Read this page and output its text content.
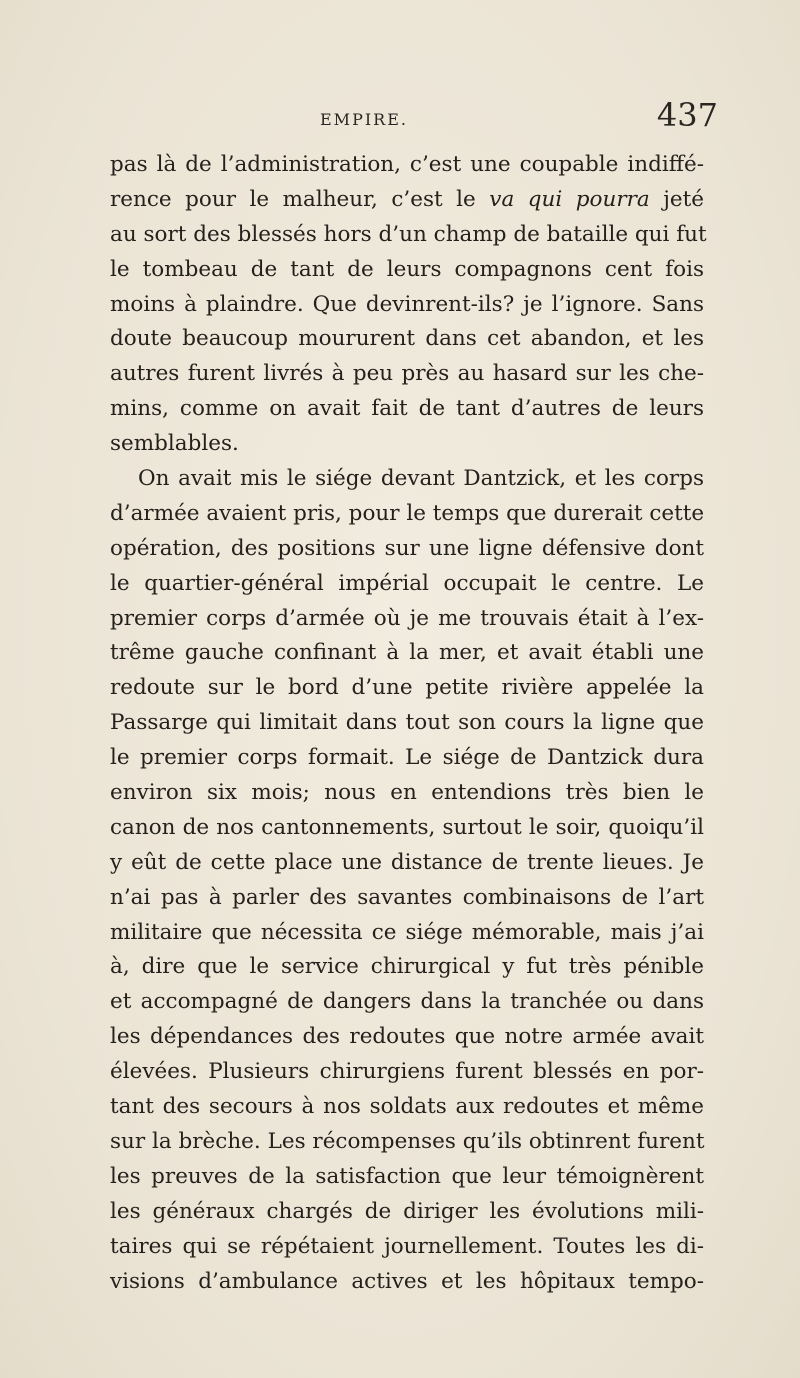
EMPIRE.	437
pas là de l’administration, c’est une coupable indiffé-
rence pour le malheur, c’est le va qui pourra jeté
au sort des blessés hors d’un champ de bataille qui fut
le tombeau de tant de leurs compagnons cent fois
moins à plaindre. Que devinrent-ils? je l’ignore. Sans
doute beaucoup moururent dans cet abandon, et les
autres furent livrés à peu près au hasard sur les che-
mins, comme on avait fait de tant d’autres de leurs
semblables.
On avait mis le siége devant Dantzick, et les corps
d’armée avaient pris, pour le temps que durerait cette
opération, des positions sur une ligne défensive dont
le quartier-général impérial occupait le centre. Le
premier corps d’armée où je me trouvais était à l’ex-
trême gauche confinant à la mer, et avait établi une
redoute sur le bord d’une petite rivière appelée la
Passarge qui limitait dans tout son cours la ligne que
le premier corps formait. Le siége de Dantzick dura
environ six mois; nous en entendions très bien le
canon de nos cantonnements, surtout le soir, quoiqu’il
y eût de cette place une distance de trente lieues. Je
n’ai pas à parler des savantes combinaisons de l’art
militaire que nécessita ce siége mémorable, mais j’ai
à, dire que le service chirurgical y fut très pénible
et accompagné de dangers dans la tranchée ou dans
les dépendances des redoutes que notre armée avait
élevées. Plusieurs chirurgiens furent blessés en por-
tant des secours à nos soldats aux redoutes et même
sur la brèche. Les récompenses qu’ils obtinrent furent
les preuves de la satisfaction que leur témoignèrent
les généraux chargés de diriger les évolutions mili-
taires qui se répétaient journellement. Toutes les di-
visions d’ambulance actives et les hôpitaux tempo-
